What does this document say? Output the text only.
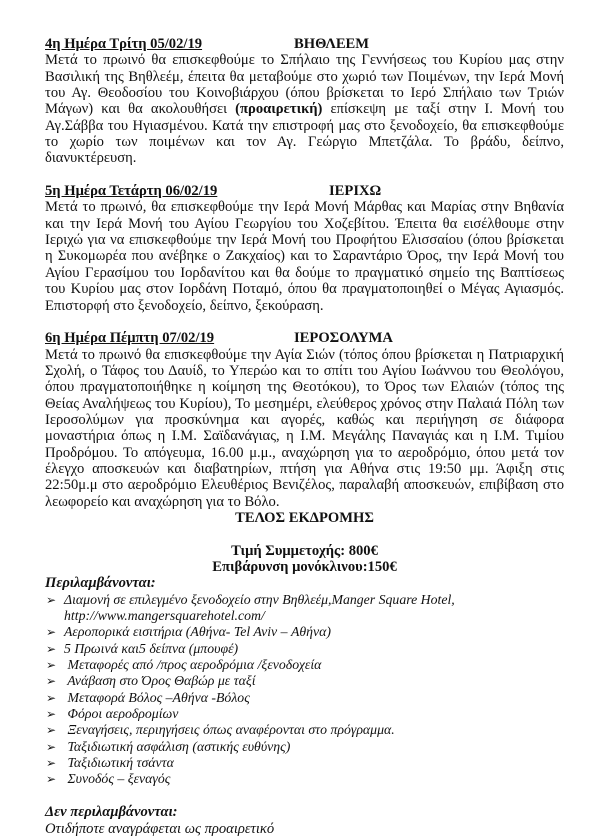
4η Ημέρα Τρίτη 05/02/19	ΒΗΘΛΕΕΜ

Μετά το πρωινό θα επισκεφθούμε το Σπήλαιο της Γεννήσεως του Κυρίου μας στην Βασιλική της Βηθλεέμ, έπειτα θα μεταβούμε στο χωριό των Ποιμένων, την Ιερά Μονή του Αγ. Θεοδοσίου του Κοινοβιάρχου (όπου βρίσκεται το Ιερό Σπήλαιο των Τριών Μάγων) και θα ακολουθήσει (προαιρετική) επίσκεψη με ταξί στην Ι. Μονή του Αγ.Σάββα του Ηγιασμένου. Κατά την επιστροφή μας στο ξενοδοχείο, θα επισκεφθούμε το χωρίο των ποιμένων και τον Αγ. Γεώργιο Μπετζάλα. Το βράδυ, δείπνο, διανυκτέρευση.

5η Ημέρα Τετάρτη 06/02/19	ΙΕΡΙΧΩ

Μετά το πρωινό, θα επισκεφθούμε την Ιερά Μονή Μάρθας και Μαρίας στην Βηθανία και την Ιερά Μονή του Αγίου Γεωργίου του Χοζεβίτου. Έπειτα θα εισέλθουμε στην Ιεριχώ για να επισκεφθούμε την Ιερά Μονή του Προφήτου Ελισσαίου (όπου βρίσκεται η Συκομωρέα που ανέβηκε ο Ζακχαίος) και το Σαραντάριο Όρος, την Ιερά Μονή του Αγίου Γερασίμου του Ιορδανίτου και θα δούμε το πραγματικό σημείο της Βαπτίσεως του Κυρίου μας στον Ιορδάνη Ποταμό, όπου θα πραγματοποιηθεί ο Μέγας Αγιασμός. Επιστορφή στο ξενοδοχείο, δείπνο, ξεκούραση.

6η Ημέρα Πέμπτη 07/02/19	ΙΕΡΟΣΟΛΥΜΑ

Μετά το πρωινό θα επισκεφθούμε την Αγία Σιών (τόπος όπου βρίσκεται η Πατριαρχική Σχολή, ο Τάφος του Δαυίδ, το Υπερώο και το σπίτι του Αγίου Ιωάννου του Θεολόγου, όπου πραγματοποιήθηκε η κοίμηση της Θεοτόκου), το Όρος των Ελαιών (τόπος της Θείας Αναλήψεως του Κυρίου), Το μεσημέρι, ελεύθερος χρόνος στην Παλαιά Πόλη των Ιεροσολύμων για προσκύνημα και αγορές, καθώς και περιήγηση σε διάφορα μοναστήρια όπως η Ι.Μ. Σαϊδανάγιας, η Ι.Μ. Μεγάλης Παναγιάς και η Ι.Μ. Τιμίου Προδρόμου. Το απόγευμα, 16.00 μ.μ., αναχώρηση για το αεροδρόμιο, όπου μετά τον έλεγχο αποσκευών και διαβατηρίων, πτήση για Αθήνα στις 19:50 μμ. Άφιξη στις 22:50μ.μ στο αεροδρόμιο Ελευθέριος Βενιζέλος, παραλαβή αποσκευών, επιβίβαση στο λεωφορείο και αναχώρηση για το Βόλο.

ΤΕΛΟΣ ΕΚΔΡΟΜΗΣ
Τιμή Συμμετοχής: 800€
Επιβάρυνση μονόκλινου:150€
Περιλαμβάνονται:
➢ Διαμονή σε επιλεγμένο ξενοδοχείο στην Βηθλεέμ,Manger Square Hotel,
http://www.mangersquarehotel.com/
➢ Αεροπορικά εισιτήρια (Αθήνα- Tel Aviv – Αθήνα)
➢ 5 Πρωινά και5 δείπνα (μπουφέ)
➢ Μεταφορές από /προς αεροδρόμια /ξενοδοχεία
➢ Ανάβαση στο Όρος Θαβώρ με ταξί
➢ Μεταφορά Βόλος –Αθήνα -Βόλος
➢ Φόροι αεροδρομίων
➢ Ξεναγήσεις, περιηγήσεις όπως αναφέρονται στο πρόγραμμα.
➢ Ταξιδιωτική ασφάλιση (αστικής ευθύνης)
➢ Ταξιδιωτική τσάντα
➢ Συνοδός – ξεναγός
Δεν περιλαμβάνονται:
Οτιδήποτε αναγράφεται ως προαιρετικό
